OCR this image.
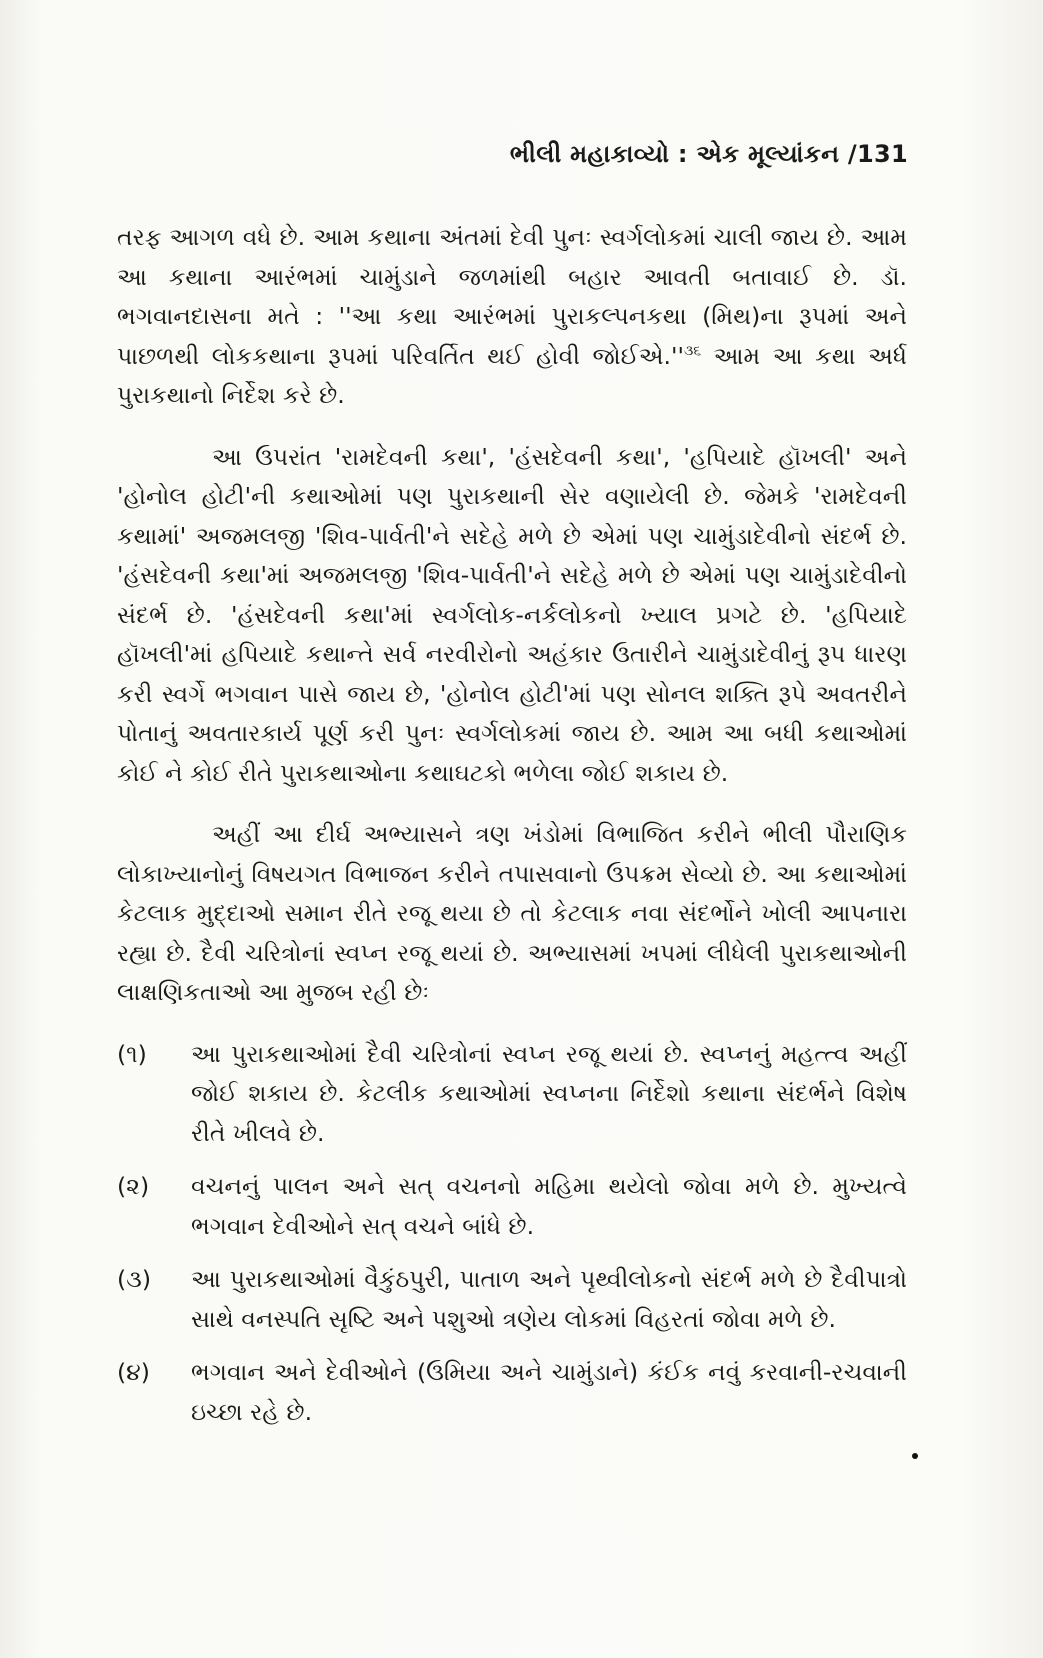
ભીલી મહાકાવ્યો : એક મૂલ્યાંકન /131

તરફ આગળ વધે છે. આમ કથાના અંતમાં દેવી પુનઃ સ્વર્ગલોકમાં ચાલી જાય છે. આમ આ કથાના આરંભમાં ચામુંડાને જળમાંથી બહાર આવતી બતાવાઈ છે. ડૉ. ભગવાનદાસના મતે : ''આ કથા આરંભમાં પુરાકલ્પનકથા (મિથ)ના રૂપમાં અને પાછળથી લોકકથાના રૂપમાં પરિવર્તિત થઈ હોવી જોઈએ.''$^{૩૬}$ આમ આ કથા અર્ધ પુરાકથાનો નિર્દેશ કરે છે.

આ ઉપરાંત 'રામદેવની કથા', 'હંસદેવની કથા', 'હપિયાદે હૉખલી' અને 'હોનોલ હોટી'ની કથાઓમાં પણ પુરાકથાની સેર વણાયેલી છે. જેમકે 'રામદેવની કથામાં' અજમલજી 'શિવ-પાર્વતી'ને સદેહે મળે છે એમાં પણ ચામુંડાદેવીનો સંદર્ભ છે. 'હંસદેવની કથા'માં અજમલજી 'શિવ-પાર્વતી'ને સદેહે મળે છે એમાં પણ ચામુંડાદેવીનો સંદર્ભ છે. 'હંસદેવની કથા'માં સ્વર્ગલોક-નર્કલોકનો ખ્યાલ પ્રગટે છે. 'હપિયાદે હૉખલી'માં હપિયાદે કથાન્તે સર્વ નરવીરોનો અહંકાર ઉતારીને ચામુંડાદેવીનું રૂપ ધારણ કરી સ્વર્ગે ભગવાન પાસે જાય છે, 'હોનોલ હોટી'માં પણ સોનલ શક્તિ રૂપે અવતરીને પોતાનું અવતારકાર્ય પૂર્ણ કરી પુનઃ સ્વર્ગલોકમાં જાય છે. આમ આ બધી કથાઓમાં કોઈ ને કોઈ રીતે પુરાકથાઓના કથાઘટકો ભળેલા જોઈ શકાય છે.

અહીં આ દીર્ઘ અભ્યાસને ત્રણ ખંડોમાં વિભાજિત કરીને ભીલી પૌરાણિક લોકાખ્યાનોનું વિષયગત વિભાજન કરીને તપાસવાનો ઉપક્રમ સેવ્યો છે. આ કથાઓમાં કેટલાક મુદ્દાઓ સમાન રીતે રજૂ થયા છે તો કેટલાક નવા સંદર્ભોને ખોલી આપનારા રહ્યા છે. દૈવી ચરિત્રોનાં સ્વપ્ન રજૂ થયાં છે. અભ્યાસમાં ખપમાં લીધેલી પુરાકથાઓની લાક્ષણિકતાઓ આ મુજબ રહી છેઃ

(૧)	આ પુરાકથાઓમાં દૈવી ચરિત્રોનાં સ્વપ્ન રજૂ થયાં છે. સ્વપ્નનું મહત્ત્વ અહીં જોઈ શકાય છે. કેટલીક કથાઓમાં સ્વપ્નના નિર્દેશો કથાના સંદર્ભને વિશેષ રીતે ખીલવે છે.
(૨)	વચનનું પાલન અને સત્ વચનનો મહિમા થયેલો જોવા મળે છે. મુખ્યત્વે ભગવાન દેવીઓને સત્ વચને બાંધે છે.
(૩)	આ પુરાકથાઓમાં વૈકુંઠપુરી, પાતાળ અને પૃથ્વીલોકનો સંદર્ભ મળે છે દૈવીપાત્રો સાથે વનસ્પતિ સૃષ્ટિ અને પશુઓ ત્રણેય લોકમાં વિહરતાં જોવા મળે છે.
(૪)	ભગવાન અને દેવીઓને (ઉમિયા અને ચામુંડાને) કંઈક નવું કરવાની-રચવાની ઇચ્છા રહે છે.
